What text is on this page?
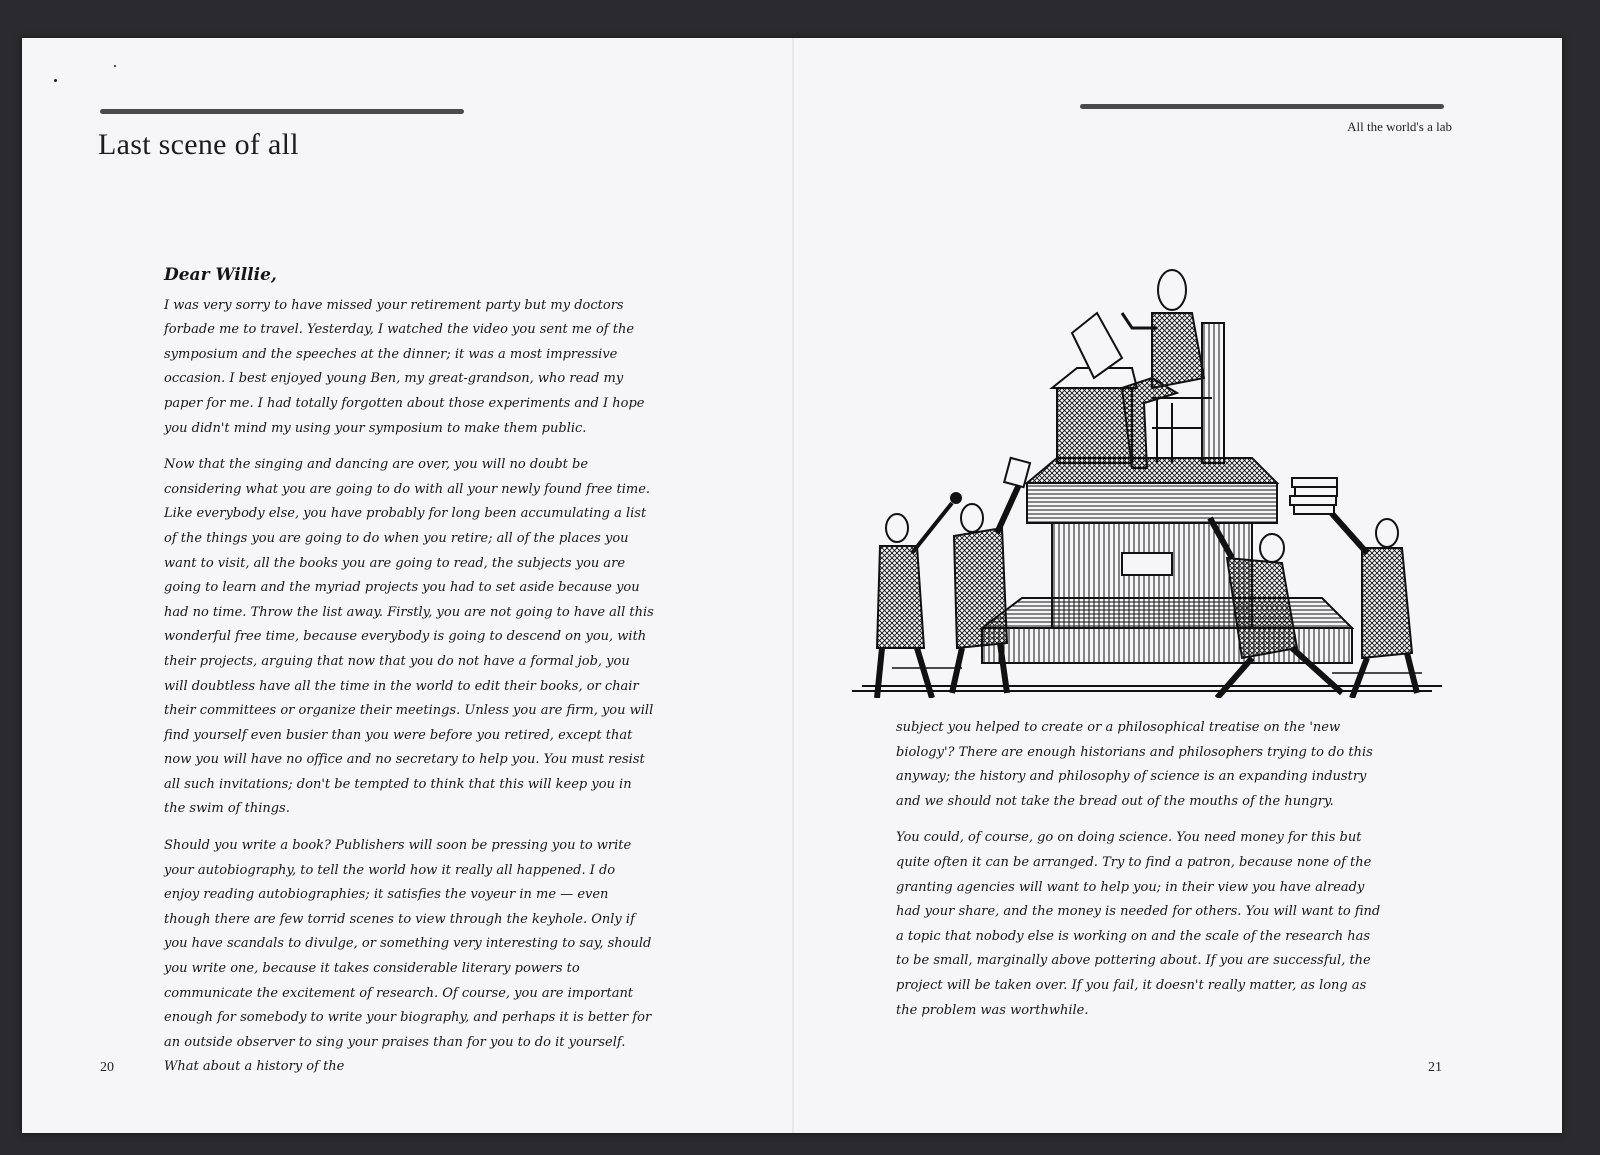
Last scene of all
All the world's a lab

Dear Willie,

I was very sorry to have missed your retirement party but my doctors forbade me to travel. Yesterday, I watched the video you sent me of the symposium and the speeches at the dinner; it was a most impressive occasion. I best enjoyed young Ben, my great-grandson, who read my paper for me. I had totally forgotten about those experiments and I hope you didn't mind my using your symposium to make them public.

Now that the singing and dancing are over, you will no doubt be considering what you are going to do with all your newly found free time. Like everybody else, you have probably for long been accumulating a list of the things you are going to do when you retire; all of the places you want to visit, all the books you are going to read, the subjects you are going to learn and the myriad projects you had to set aside because you had no time. Throw the list away. Firstly, you are not going to have all this wonderful free time, because everybody is going to descend on you, with their projects, arguing that now that you do not have a formal job, you will doubtless have all the time in the world to edit their books, or chair their committees or organize their meetings. Unless you are firm, you will find yourself even busier than you were before you retired, except that now you will have no office and no secretary to help you. You must resist all such invitations; don't be tempted to think that this will keep you in the swim of things.

Should you write a book? Publishers will soon be pressing you to write your autobiography, to tell the world how it really all happened. I do enjoy reading autobiographies; it satisfies the voyeur in me — even though there are few torrid scenes to view through the keyhole. Only if you have scandals to divulge, or something very interesting to say, should you write one, because it takes considerable literary powers to communicate the excitement of research. Of course, you are important enough for somebody to write your biography, and perhaps it is better for an outside observer to sing your praises than for you to do it yourself. What about a history of the

subject you helped to create or a philosophical treatise on the 'new biology'? There are enough historians and philosophers trying to do this anyway; the history and philosophy of science is an expanding industry and we should not take the bread out of the mouths of the hungry.

You could, of course, go on doing science. You need money for this but quite often it can be arranged. Try to find a patron, because none of the granting agencies will want to help you; in their view you have already had your share, and the money is needed for others. You will want to find a topic that nobody else is working on and the scale of the research has to be small, marginally above pottering about. If you are successful, the project will be taken over. If you fail, it doesn't really matter, as long as the problem was worthwhile.

20	21
